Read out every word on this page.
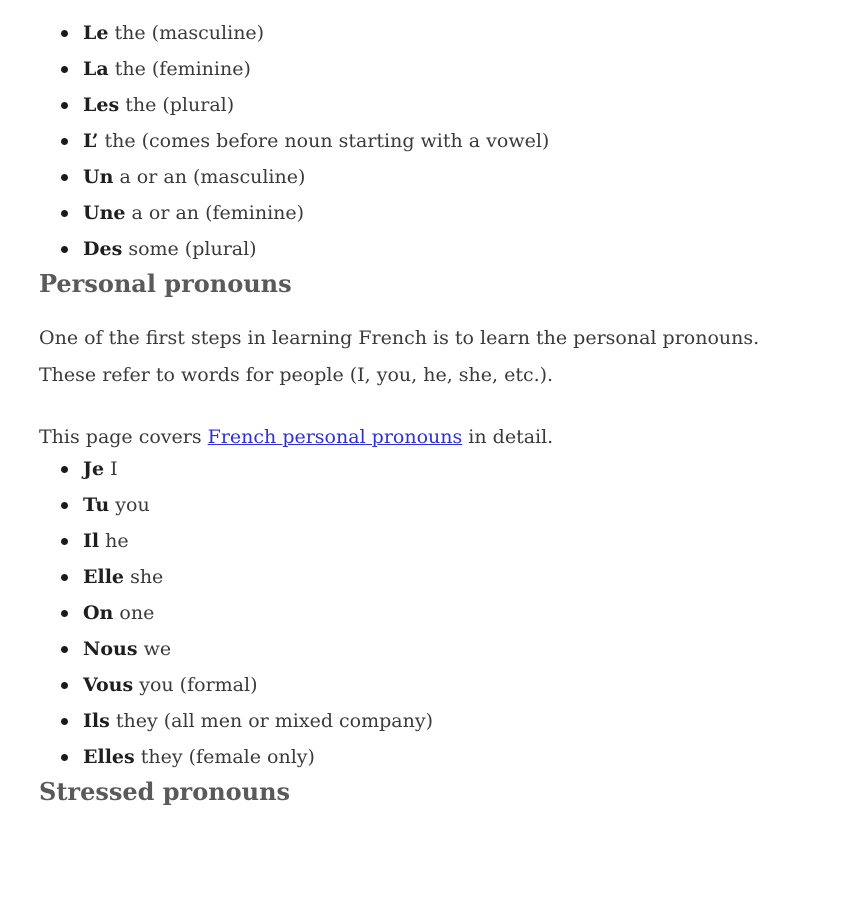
Le the (masculine)
La the (feminine)
Les the (plural)
L’ the (comes before noun starting with a vowel)
Un a or an (masculine)
Une a or an (feminine)
Des some (plural)
Personal pronouns

One of the first steps in learning French is to learn the personal pronouns.
These refer to words for people (I, you, he, she, etc.).

This page covers French personal pronouns in detail.

Je I
Tu you
Il he
Elle she
On one
Nous we
Vous you (formal)
Ils they (all men or mixed company)
Elles they (female only)
Stressed pronouns
